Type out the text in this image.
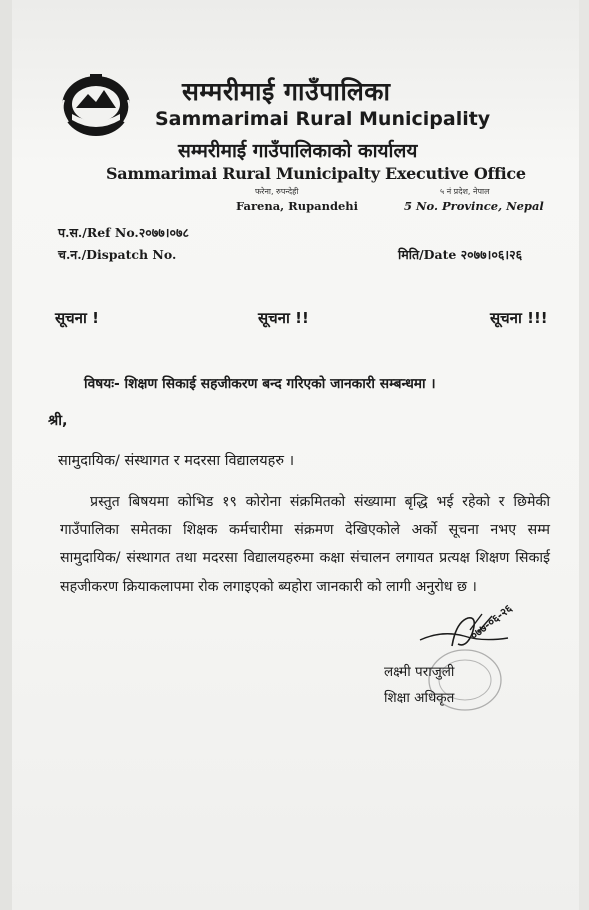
सम्मरीमाई गाउँपालिका
Sammarimai Rural Municipality
सम्मरीमाई गाउँपालिकाको कार्यालय
Sammarimai Rural Municipalty Executive Office
फरेना, रुपन्देही	५ नं प्रदेश, नेपाल
Farena, Rupandehi	5 No. Province, Nepal
प.स./Ref No.२०७७।०७८
च.न./Dispatch No.	मिति/Date २०७७।०६।२६
सूचना !	सूचना !!	सूचना !!!
विषयः- शिक्षण सिकाई सहजीकरण बन्द गरिएको जानकारी सम्बन्धमा ।
श्री,
सामुदायिक/ संस्थागत र मदरसा विद्यालयहरु ।
प्रस्तुत बिषयमा कोभिड १९ कोरोना संक्रमितको संख्यामा बृद्धि भई रहेको र छिमेकी गाउँपालिका समेतका शिक्षक कर्मचारीमा संक्रमण देखिएकोले अर्को सूचना नभए सम्म सामुदायिक/ संस्थागत तथा मदरसा विद्यालयहरुमा कक्षा संचालन लगायत प्रत्यक्ष शिक्षण सिकाई सहजीकरण क्रियाकलापमा रोक लगाइएको ब्यहोरा जानकारी को लागी अनुरोध छ ।
०७७-०६-२६
लक्ष्मी पराजुली
शिक्षा अधिकृत
